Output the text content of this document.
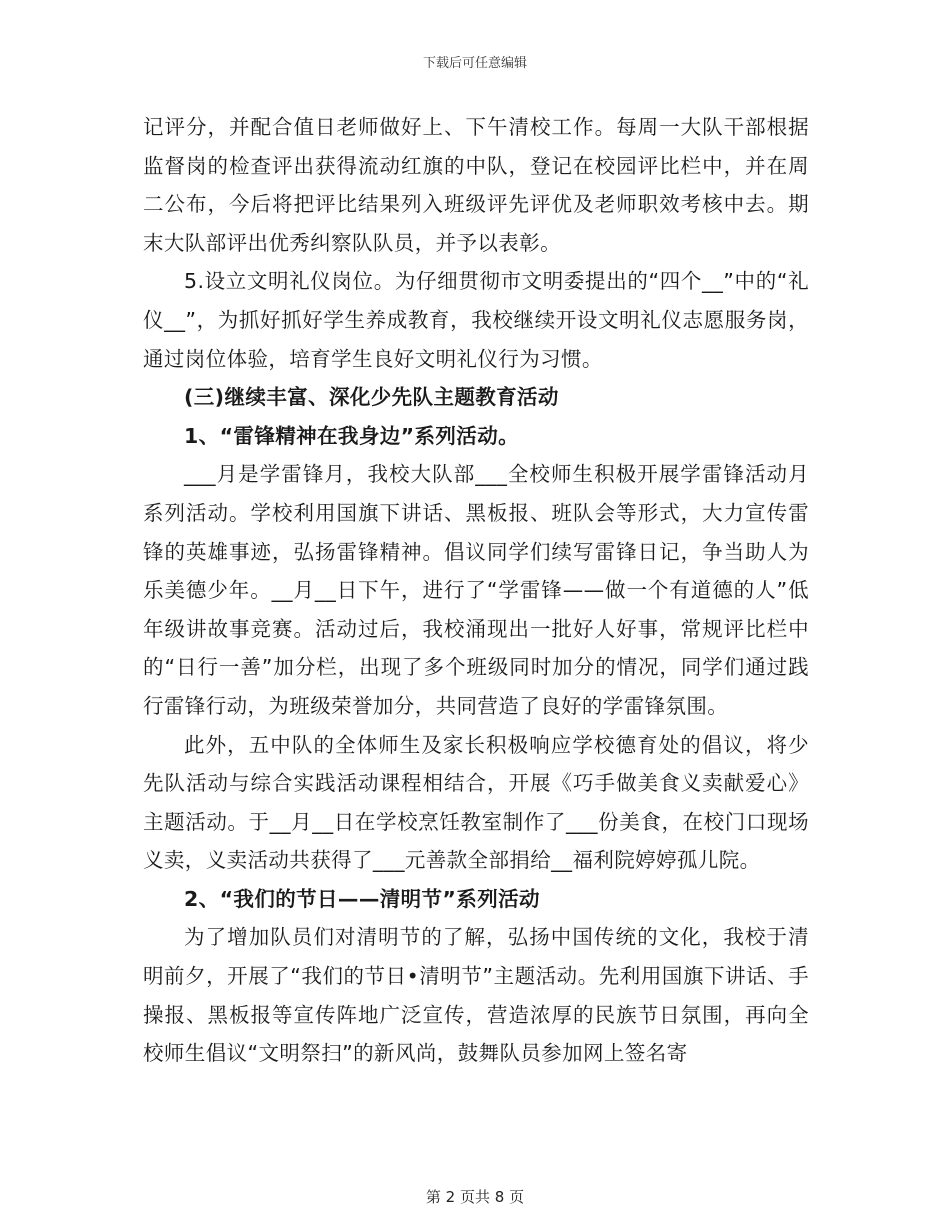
下载后可任意编辑

记评分，并配合值日老师做好上、下午清校工作。每周一大队干部根据监督岗的检查评出获得流动红旗的中队，登记在校园评比栏中，并在周二公布，今后将把评比结果列入班级评先评优及老师职效考核中去。期末大队部评出优秀纠察队队员，并予以表彰。

5.设立文明礼仪岗位。为仔细贯彻市文明委提出的“四个__”中的“礼仪__”，为抓好抓好学生养成教育，我校继续开设文明礼仪志愿服务岗，通过岗位体验，培育学生良好文明礼仪行为习惯。

(三)继续丰富、深化少先队主题教育活动

1、“雷锋精神在我身边”系列活动。

___月是学雷锋月，我校大队部___全校师生积极开展学雷锋活动月系列活动。学校利用国旗下讲话、黑板报、班队会等形式，大力宣传雷锋的英雄事迹，弘扬雷锋精神。倡议同学们续写雷锋日记，争当助人为乐美德少年。__月__日下午，进行了“学雷锋——做一个有道德的人”低年级讲故事竞赛。活动过后，我校涌现出一批好人好事，常规评比栏中的“日行一善”加分栏，出现了多个班级同时加分的情况，同学们通过践行雷锋行动，为班级荣誉加分，共同营造了良好的学雷锋氛围。

此外，五中队的全体师生及家长积极响应学校德育处的倡议，将少先队活动与综合实践活动课程相结合，开展《巧手做美食义卖献爱心》主题活动。于__月__日在学校烹饪教室制作了___份美食，在校门口现场义卖，义卖活动共获得了___元善款全部捐给__福利院婷婷孤儿院。

2、“我们的节日——清明节”系列活动

为了增加队员们对清明节的了解，弘扬中国传统的文化，我校于清明前夕，开展了“我们的节日•清明节”主题活动。先利用国旗下讲话、手操报、黑板报等宣传阵地广泛宣传，营造浓厚的民族节日氛围，再向全校师生倡议“文明祭扫”的新风尚，鼓舞队员参加网上签名寄

第 2 页共 8 页
